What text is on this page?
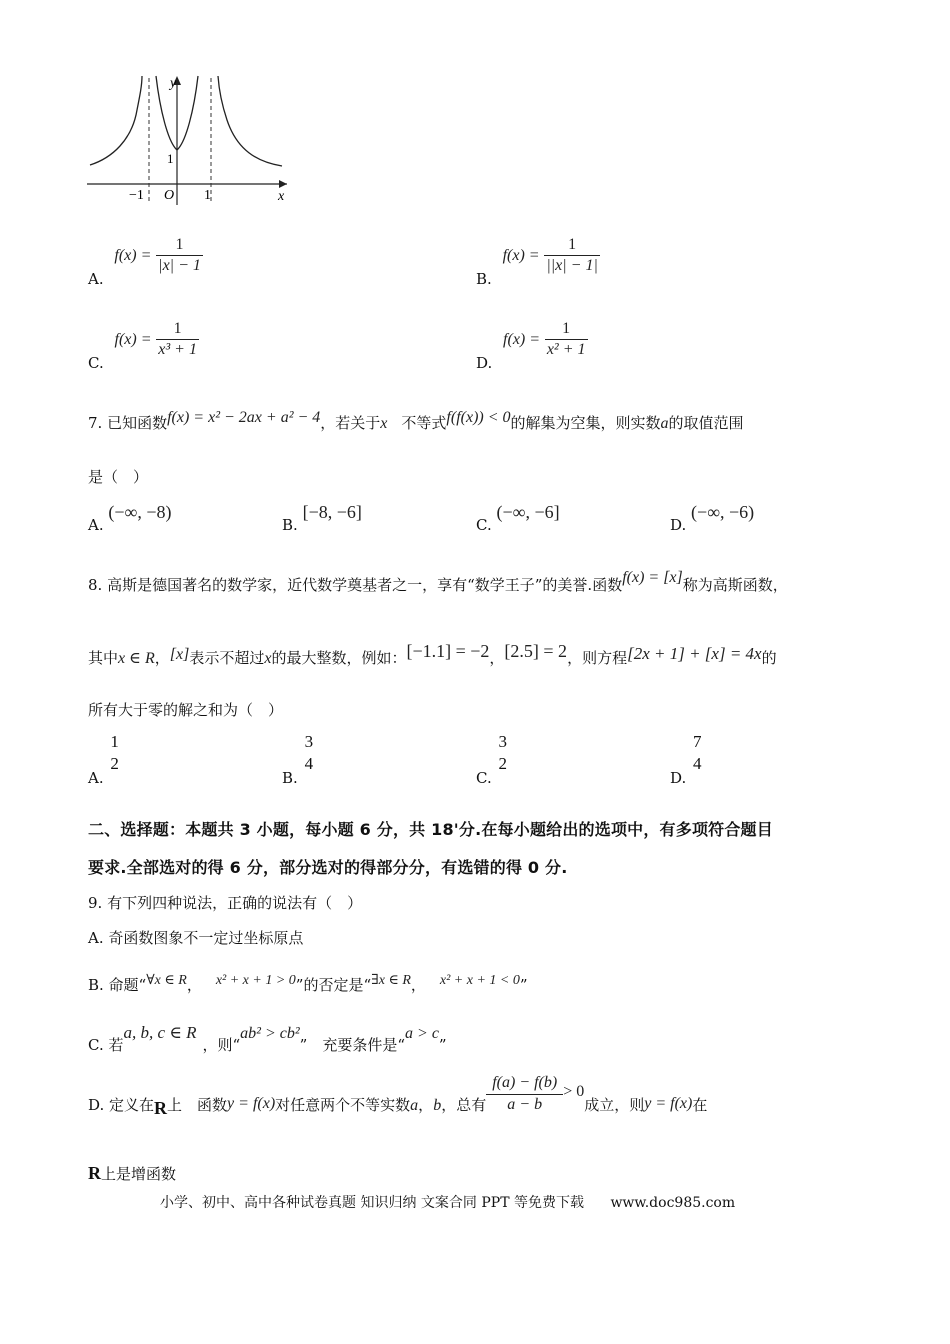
y
x
O
−1	1
1
A. $f(x) = \frac{1}{|x| - 1}$
B. $f(x) = \frac{1}{||x| - 1|}$
C. $f(x) = \frac{1}{\text{x³ + 1}}$
D. $f(x) = \frac{1}{\text{x² + 1}}$
7. 已知函数f(x) = x² − 2ax + a² − 4，若关于x 不等式f(f(x)) < 0的解集为空集，则实数a的取值范围
是（　）
A. (−∞, −8)
B. [−8, −6]
C. (−∞, −6]
D. (−∞, −6)
8. 高斯是德国著名的数学家，近代数学奠基者之一，享有“数学王子”的美誉.函数f(x) = [x]称为高斯函数，
其中x ∈ R，[x]表示不超过x的最大整数，例如：[−1.1] = −2，[2.5] = 2，则方程[2x + 1] + [x] = 4x的
所有大于零的解之和为（　）
A.
1
2
B.
3
4
C.
3
2
D.
7
4
二、选择题：本题共 3 小题，每小题 6 分，共 18'分.在每小题给出的选项中，有多项符合题目
要求.全部选对的得 6 分，部分选对的得部分分，有选错的得 0 分.
9. 有下列四种说法，正确的说法有（　）
A. 奇函数图象不一定过坐标原点
B. 命题“∀x ∈ R， x² + x + 1 > 0”的否定是“∃x ∈ R， x² + x + 1 < 0”
C. 若a, b, c ∈ R，则“ab² > cb²”　充要条件是“a > c”
D. 定义在R上　函数y = f(x)对任意两个不等实数a，b，总有 $\frac{f(a) - f(b)}{a - b} > 0$成立，则y = f(x)在
R上是增函数
小学、初中、高中各种试卷真题 知识归纳 文案合同 PPT 等免费下载 www.doc985.com
